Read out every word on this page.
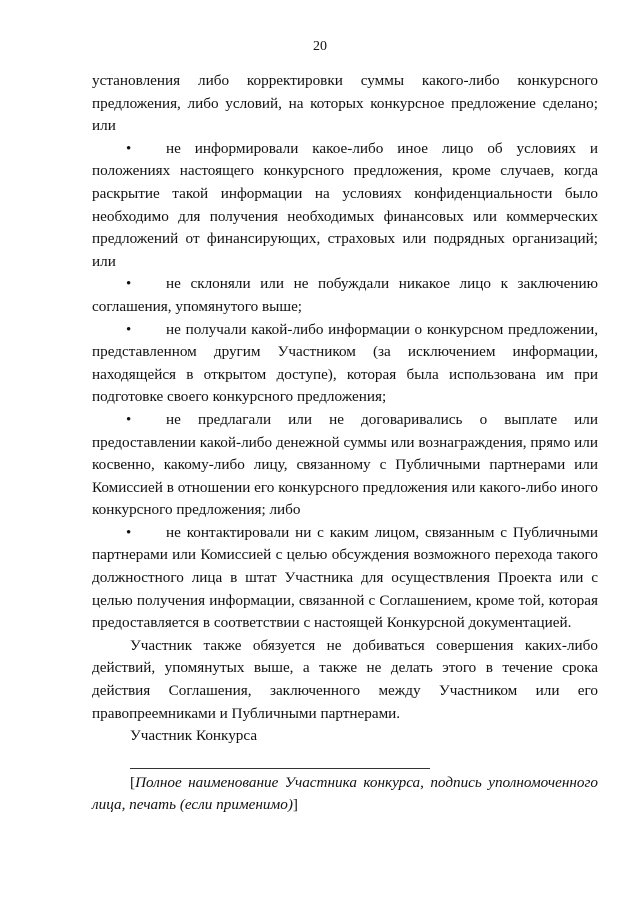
20

установления либо корректировки суммы какого-либо конкурсного предложения, либо условий, на которых конкурсное предложение сделано; или

• не информировали какое-либо иное лицо об условиях и положениях настоящего конкурсного предложения, кроме случаев, когда раскрытие такой информации на условиях конфиденциальности было необходимо для получения необходимых финансовых или коммерческих предложений от финансирующих, страховых или подрядных организаций; или

• не склоняли или не побуждали никакое лицо к заключению соглашения, упомянутого выше;

• не получали какой-либо информации о конкурсном предложении, представленном другим Участником (за исключением информации, находящейся в открытом доступе), которая была использована им при подготовке своего конкурсного предложения;

• не предлагали или не договаривались о выплате или предоставлении какой-либо денежной суммы или вознаграждения, прямо или косвенно, какому-либо лицу, связанному с Публичными партнерами или Комиссией в отношении его конкурсного предложения или какого-либо иного конкурсного предложения; либо

• не контактировали ни с каким лицом, связанным с Публичными партнерами или Комиссией с целью обсуждения возможного перехода такого должностного лица в штат Участника для осуществления Проекта или с целью получения информации, связанной с Соглашением, кроме той, которая предоставляется в соответствии с настоящей Конкурсной документацией.

Участник также обязуется не добиваться совершения каких-либо действий, упомянутых выше, а также не делать этого в течение срока действия Соглашения, заключенного между Участником или его правопреемниками и Публичными партнерами.

Участник Конкурса

[Полное наименование Участника конкурса, подпись уполномоченного лица, печать (если применимо)]
